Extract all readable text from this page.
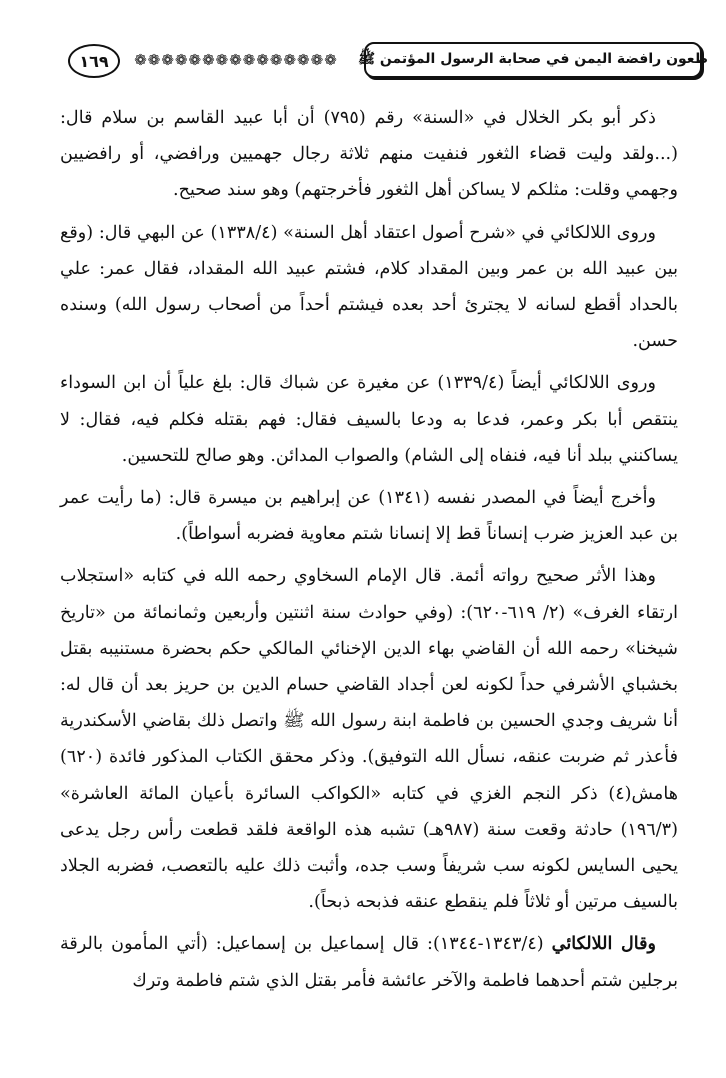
١٦٩	❁❁❁❁❁❁❁❁❁❁❁❁❁❁❁	طعون رافضة اليمن في صحابة الرسول المؤتمن ﷺ

ذكر أبو بكر الخلال في «السنة» رقم (٧٩٥) أن أبا عبيد القاسم بن سلام قال: (...ولقد وليت قضاء الثغور فنفيت منهم ثلاثة رجال جهميين ورافضي، أو رافضيين وجهمي وقلت: مثلكم لا يساكن أهل الثغور فأخرجتهم) وهو سند صحيح.

وروى اللالكائي في «شرح أصول اعتقاد أهل السنة» (١٣٣٨/٤) عن البهي قال: (وقع بين عبيد الله بن عمر وبين المقداد كلام، فشتم عبيد الله المقداد، فقال عمر: علي بالحداد أقطع لسانه لا يجترئ أحد بعده فيشتم أحداً من أصحاب رسول الله) وسنده حسن.

وروى اللالكائي أيضاً (١٣٣٩/٤) عن مغيرة عن شباك قال: بلغ علياً أن ابن السوداء ينتقص أبا بكر وعمر، فدعا به ودعا بالسيف فقال: فهم بقتله فكلم فيه، فقال: لا يساكنني ببلد أنا فيه، فنفاه إلى الشام) والصواب المدائن. وهو صالح للتحسين.

وأخرج أيضاً في المصدر نفسه (١٣٤١) عن إبراهيم بن ميسرة قال: (ما رأيت عمر بن عبد العزيز ضرب إنساناً قط إلا إنسانا شتم معاوية فضربه أسواطاً).

وهذا الأثر صحيح رواته أئمة. قال الإمام السخاوي رحمه الله في كتابه «استجلاب ارتقاء الغرف» (٢/ ٦١٩-٦٢٠): (وفي حوادث سنة اثنتين وأربعين وثمانمائة من «تاريخ شيخنا» رحمه الله أن القاضي بهاء الدين الإخنائي المالكي حكم بحضرة مستنيبه بقتل بخشباي الأشرفي حداً لكونه لعن أجداد القاضي حسام الدين بن حريز بعد أن قال له: أنا شريف وجدي الحسين بن فاطمة ابنة رسول الله ﷺ واتصل ذلك بقاضي الأسكندرية فأعذر ثم ضربت عنقه، نسأل الله التوفيق). وذكر محقق الكتاب المذكور فائدة (٦٢٠) هامش(٤) ذكر النجم الغزي في كتابه «الكواكب السائرة بأعيان المائة العاشرة» (١٩٦/٣) حادثة وقعت سنة (٩٨٧هـ) تشبه هذه الواقعة فلقد قطعت رأس رجل يدعى يحيى السايس لكونه سب شريفاً وسب جده، وأثبت ذلك عليه بالتعصب، فضربه الجلاد بالسيف مرتين أو ثلاثاً فلم ينقطع عنقه فذبحه ذبحاً).

وقال اللالكائي (١٣٤٣/٤-١٣٤٤): قال إسماعيل بن إسماعيل: (أتي المأمون بالرقة برجلين شتم أحدهما فاطمة والآخر عائشة فأمر بقتل الذي شتم فاطمة وترك
